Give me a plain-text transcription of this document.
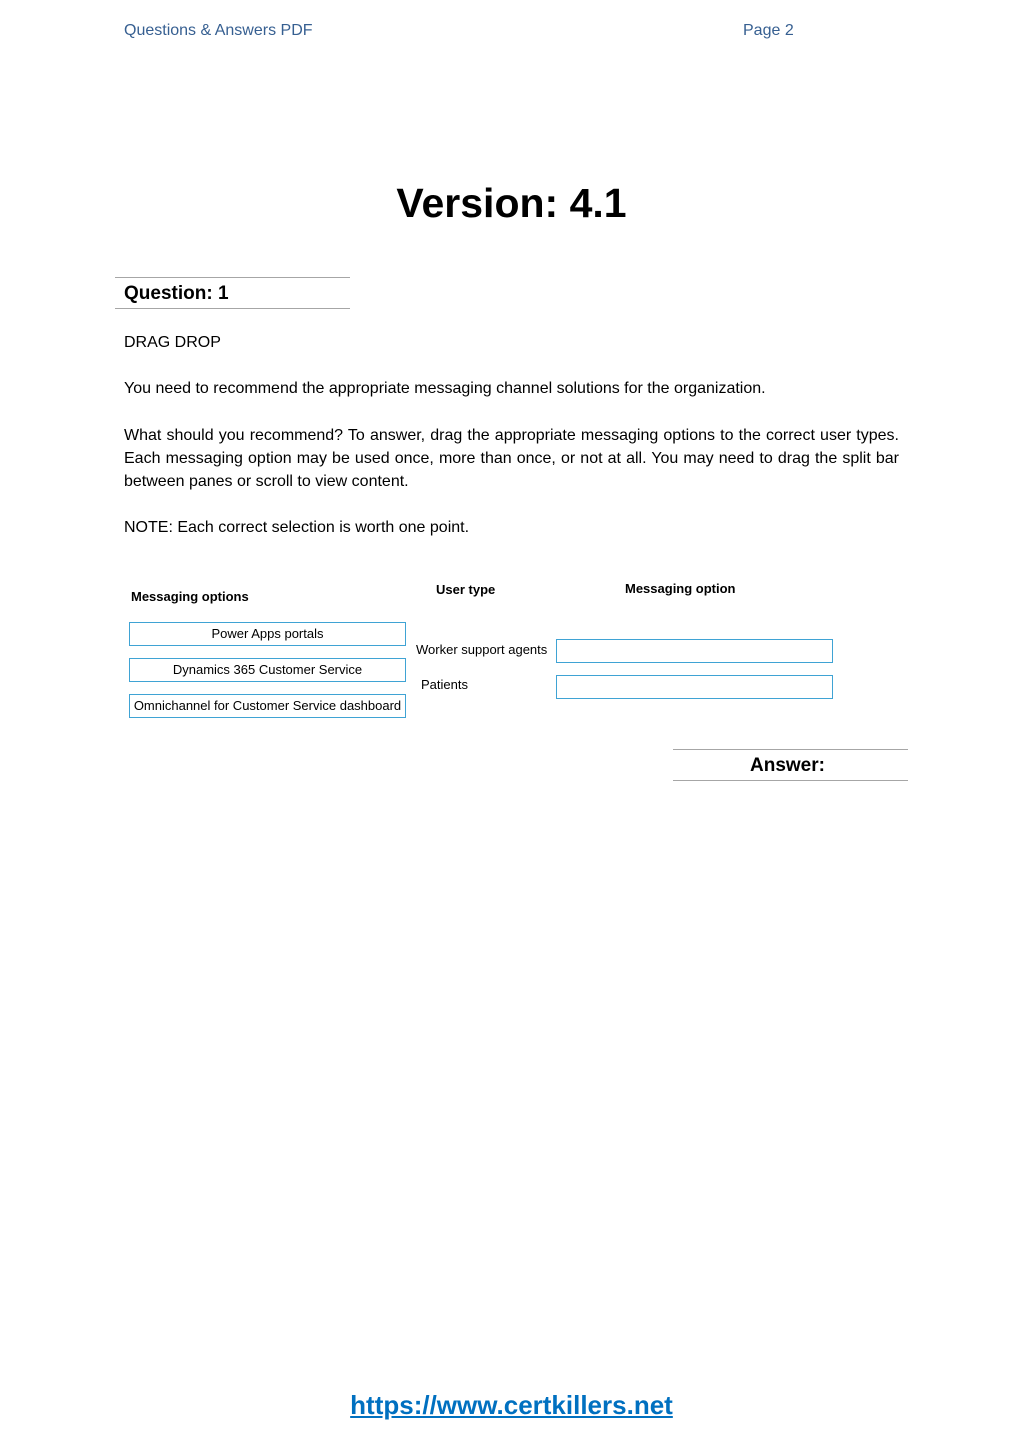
Questions & Answers PDF	Page 2
Version: 4.1
Question: 1
DRAG DROP
You need to recommend the appropriate messaging channel solutions for the organization.
What should you recommend? To answer, drag the appropriate messaging options to the correct user types. Each messaging option may be used once, more than once, or not at all. You may need to drag the split bar between panes or scroll to view content.
NOTE: Each correct selection is worth one point.
Messaging options	User type	Messaging option
Power Apps portals
Dynamics 365 Customer Service
Omnichannel for Customer Service dashboard
Worker support agents
Patients
Answer:
https://www.certkillers.net
